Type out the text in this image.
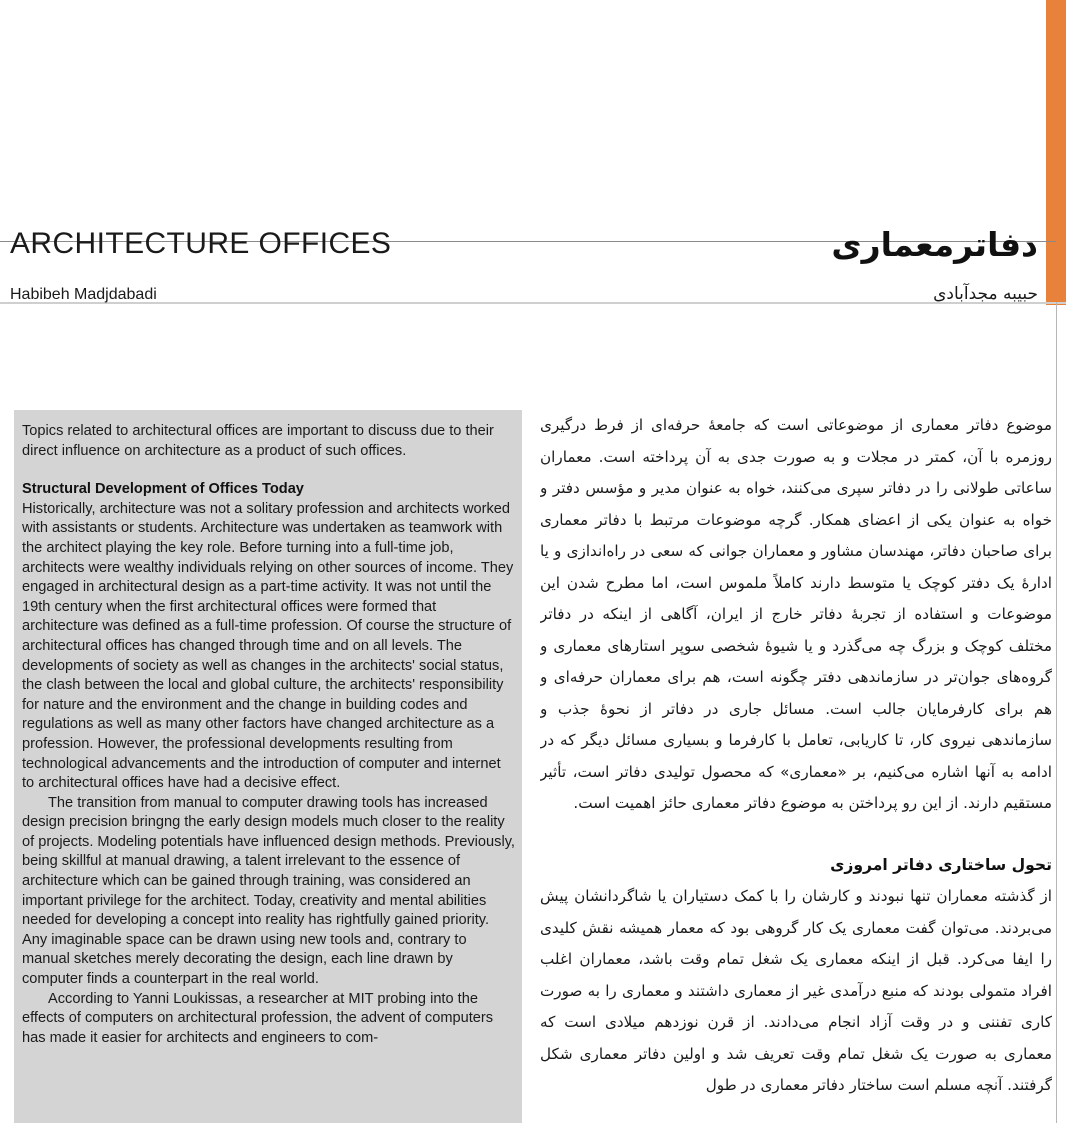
ARCHITECTURE OFFICES	دفاترمعماری
Habibeh Madjdabadi	حبیبه مجدآبادی

Topics related to architectural offices are important to discuss due to their direct influence on architecture as a product of such offices.

Structural Development of Offices Today

Historically, architecture was not a solitary profession and architects worked with assistants or students. Architecture was undertaken as teamwork with the architect playing the key role. Before turning into a full-time job, architects were wealthy individuals relying on other sources of income. They engaged in architectural design as a part-time activity. It was not until the 19th century when the first architectural offices were formed that architecture was defined as a full-time profession. Of course the structure of architectural offices has changed through time and on all levels. The developments of society as well as changes in the architects' social status, the clash between the local and global culture, the architects' responsibility for nature and the environment and the change in building codes and regulations as well as many other factors have changed architecture as a profession. However, the professional developments resulting from technological advancements and the introduction of computer and internet to architectural offices have had a decisive effect.

The transition from manual to computer drawing tools has increased design precision bringng the early design models much closer to the reality of projects. Modeling potentials have influenced design methods. Previously, being skillful at manual drawing, a talent irrelevant to the essence of architecture which can be gained through training, was considered an important privilege for the architect. Today, creativity and mental abilities needed for developing a concept into reality has rightfully gained priority. Any imaginable space can be drawn using new tools and, contrary to manual sketches merely decorating the design, each line drawn by computer finds a counterpart in the real world.

According to Yanni Loukissas, a researcher at MIT probing into the effects of computers on architectural profession, the advent of computers has made it easier for architects and engineers to com-

موضوع دفاتر معماری از موضوعاتی است که جامعهٔ حرفه‌ای از فرط درگیری روزمره با آن، کمتر در مجلات و به صورت جدی به آن پرداخته است. معماران ساعاتی طولانی را در دفاتر سپری می‌کنند، خواه به عنوان مدیر و مؤسس دفتر و خواه به عنوان یکی از اعضای همکار. گرچه موضوعات مرتبط با دفاتر معماری برای صاحبان دفاتر، مهندسان مشاور و معماران جوانی که سعی در راه‌اندازی و یا ادارهٔ یک دفتر کوچک یا متوسط دارند کاملاً ملموس است، اما مطرح شدن این موضوعات و استفاده از تجربهٔ دفاتر خارج از ایران، آگاهی از اینکه در دفاتر مختلف کوچک و بزرگ چه می‌گذرد و یا شیوهٔ شخصی سوپر استارهای معماری و گروه‌های جوان‌تر در سازماندهی دفتر چگونه است، هم برای معماران حرفه‌ای و هم برای کارفرمایان جالب است. مسائل جاری در دفاتر از نحوهٔ جذب و سازماندهی نیروی کار، تا کاریابی، تعامل با کارفرما و بسیاری مسائل دیگر که در ادامه به آنها اشاره می‌کنیم، بر «معماری» که محصول تولیدی دفاتر است، تأثیر مستقیم دارند. از این رو پرداختن به موضوع دفاتر معماری حائز اهمیت است.

تحول ساختاری دفاتر امروزی

از گذشته معماران تنها نبودند و کارشان را با کمک دستیاران یا شاگردانشان پیش می‌بردند. می‌توان گفت معماری یک کار گروهی بود که معمار همیشه نقش کلیدی را ایفا می‌کرد. قبل از اینکه معماری یک شغل تمام وقت باشد، معماران اغلب افراد متمولی بودند که منبع درآمدی غیر از معماری داشتند و معماری را به صورت کاری تفننی و در وقت آزاد انجام می‌دادند. از قرن نوزدهم میلادی است که معماری به صورت یک شغل تمام وقت تعریف شد و اولین دفاتر معماری شکل گرفتند. آنچه مسلم است ساختار دفاتر معماری در طول
